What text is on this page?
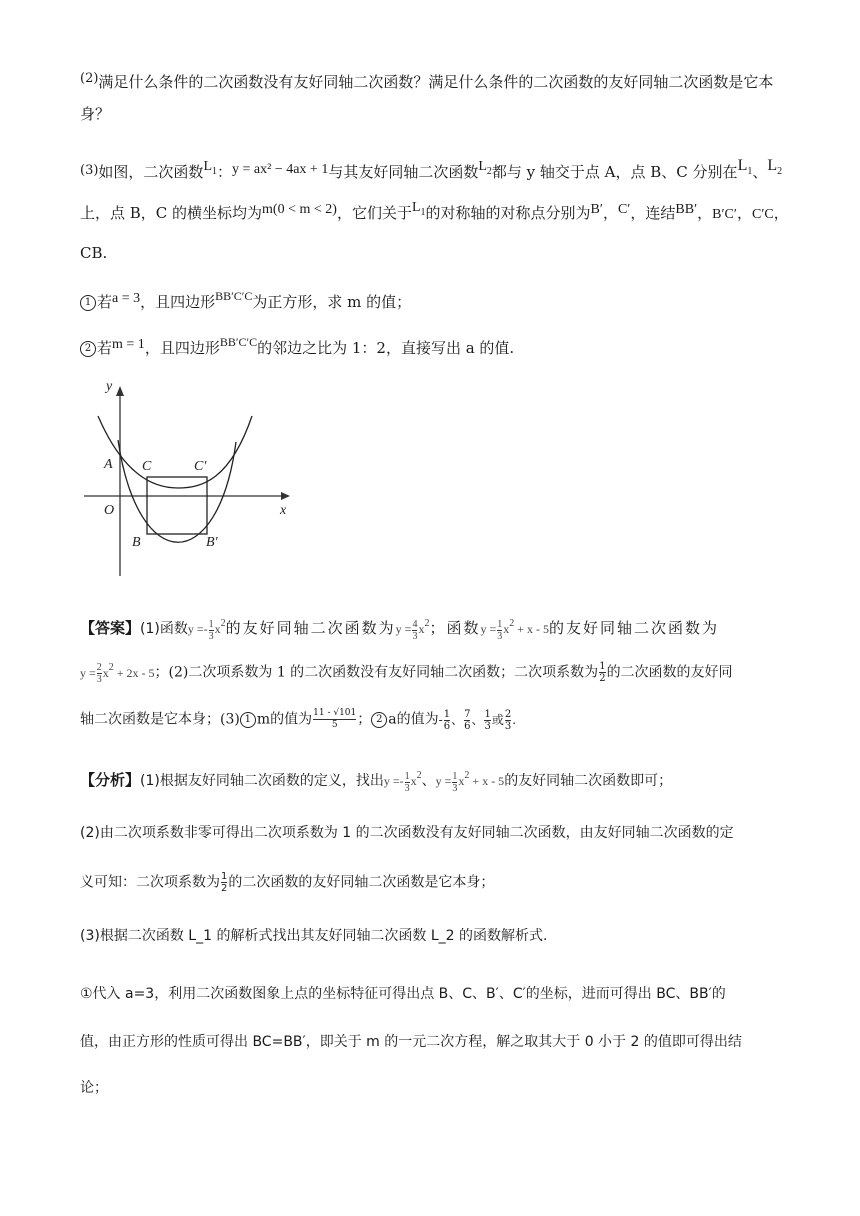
(2)满足什么条件的二次函数没有友好同轴二次函数？满足什么条件的二次函数的友好同轴二次函数是它本
身？
(3)如图，二次函数$L_1$：y = ax² − 4ax + 1与其友好同轴二次函数$L_2$都与 y 轴交于点 A，点 B、C 分别在$L_1$、$L_2$
上，点 B，C 的横坐标均为m(0 < m < 2)，它们关于$L_1$的对称轴的对称点分别为B′，C′，连结BB′，B′C′，C′C，
CB.
1 若a = 3，且四边形$^{BB'C'C}$为正方形，求 m 的值；
2 若m = 1，且四边形$^{BB'C'C}$的邻边之比为 1：2，直接写出 a 的值.
y
x
O
A C	C′
B	B′
【答案】(1)函数$y =- \frac{1}{3} x^2$的友好同轴二次函数为$y = \frac{4}{3} x^2$；函数$y = \frac{1}{3} x^2 + x - 5$的友好同轴二次函数为
$y = \frac{2}{3} x^2 + 2x - 5$；(2)二次项系数为 1 的二次函数没有友好同轴二次函数；二次项系数为 $\frac{1}{2}$ 的二次函数的友好同
轴二次函数是它本身；(3) 1 m的值为 $\frac{11 - √101}{5}$ ； 2 a的值为- $\frac{1}{6}$ 、 $\frac{7}{6}$ 、 $\frac{1}{3}$ 或 $\frac{2}{3}$ .
【分析】(1)根据友好同轴二次函数的定义，找出$y =- \frac{1}{3} x^2$、$y = \frac{1}{3} x^2 + x - 5$的友好同轴二次函数即可；
(2)由二次项系数非零可得出二次项系数为 1 的二次函数没有友好同轴二次函数，由友好同轴二次函数的定
义可知：二次项系数为 $\frac{1}{2}$ 的二次函数的友好同轴二次函数是它本身；
(3)根据二次函数 L_1 的解析式找出其友好同轴二次函数 L_2 的函数解析式.
①代入 a=3，利用二次函数图象上点的坐标特征可得出点 B、C、B′、C′的坐标，进而可得出 BC、BB′的
值，由正方形的性质可得出 BC=BB′，即关于 m 的一元二次方程，解之取其大于 0 小于 2 的值即可得出结
论；
